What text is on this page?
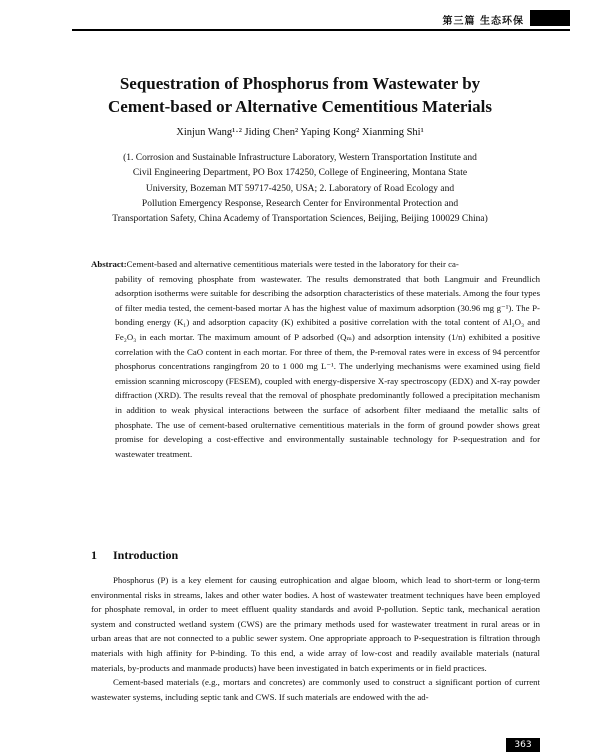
第三篇 生态环保
Sequestration of Phosphorus from Wastewater by
Cement-based or Alternative Cementitious Materials
Xinjun Wang¹·² Jiding Chen² Yaping Kong² Xianming Shi¹
(1. Corrosion and Sustainable Infrastructure Laboratory, Western Transportation Institute and
Civil Engineering Department, PO Box 174250, College of Engineering, Montana State
University, Bozeman MT 59717-4250, USA; 2. Laboratory of Road Ecology and
Pollution Emergency Response, Research Center for Environmental Protection and
Transportation Safety, China Academy of Transportation Sciences, Beijing, Beijing 100029 China)
Abstract:Cement-based and alternative cementitious materials were tested in the laboratory for their ca-
pability of removing phosphate from wastewater. The results demonstrated that both Langmuir and Freundlich adsorption isotherms were suitable for describing the adsorption characteristics of these materials. Among the four types of filter media tested, the cement-based mortar A has the highest value of maximum adsorption (30.96 mg g⁻¹). The P-bonding energy (K₁) and adsorption capacity (K) exhibited a positive correlation with the total content of Al₂O₃ and Fe₂O₃ in each mortar. The maximum amount of P adsorbed (Qₘ) and adsorption intensity (1/n) exhibited a positive correlation with the CaO content in each mortar. For three of them, the P-removal rates were in excess of 94 percentfor phosphorus concentrations rangingfrom 20 to 1 000 mg L⁻¹. The underlying mechanisms were examined using field emission scanning microscopy (FESEM), coupled with energy-dispersive X-ray spectroscopy (EDX) and X-ray powder diffraction (XRD). The results reveal that the removal of phosphate predominantly followed a precipitation mechanism in addition to weak physical interactions between the surface of adsorbent filter mediaand the metallic salts of phosphate. The use of cement-based orulternative cementitious materials in the form of ground powder shows great promise for developing a cost-effective and environmentally sustainable technology for P-sequestration and for wastewater treatment.
1 Introduction

Phosphorus (P) is a key element for causing eutrophication and algae bloom, which lead to short-term or long-term environmental risks in streams, lakes and other water bodies. A host of wastewater treatment techniques have been employed for phosphate removal, in order to meet effluent quality standards and avoid P-pollution. Septic tank, mechanical aeration system and constructed wetland system (CWS) are the primary methods used for wastewater treatment in rural areas or in urban areas that are not connected to a public sewer system. One appropriate approach to P-sequestration is filtration through materials with high affinity for P-binding. To this end, a wide array of low-cost and readily available materials (natural materials, by-products and manmade products) have been investigated in batch experiments or in field practices.

Cement-based materials (e.g., mortars and concretes) are commonly used to construct a significant portion of current wastewater systems, including septic tank and CWS. If such materials are endowed with the ad-

363
